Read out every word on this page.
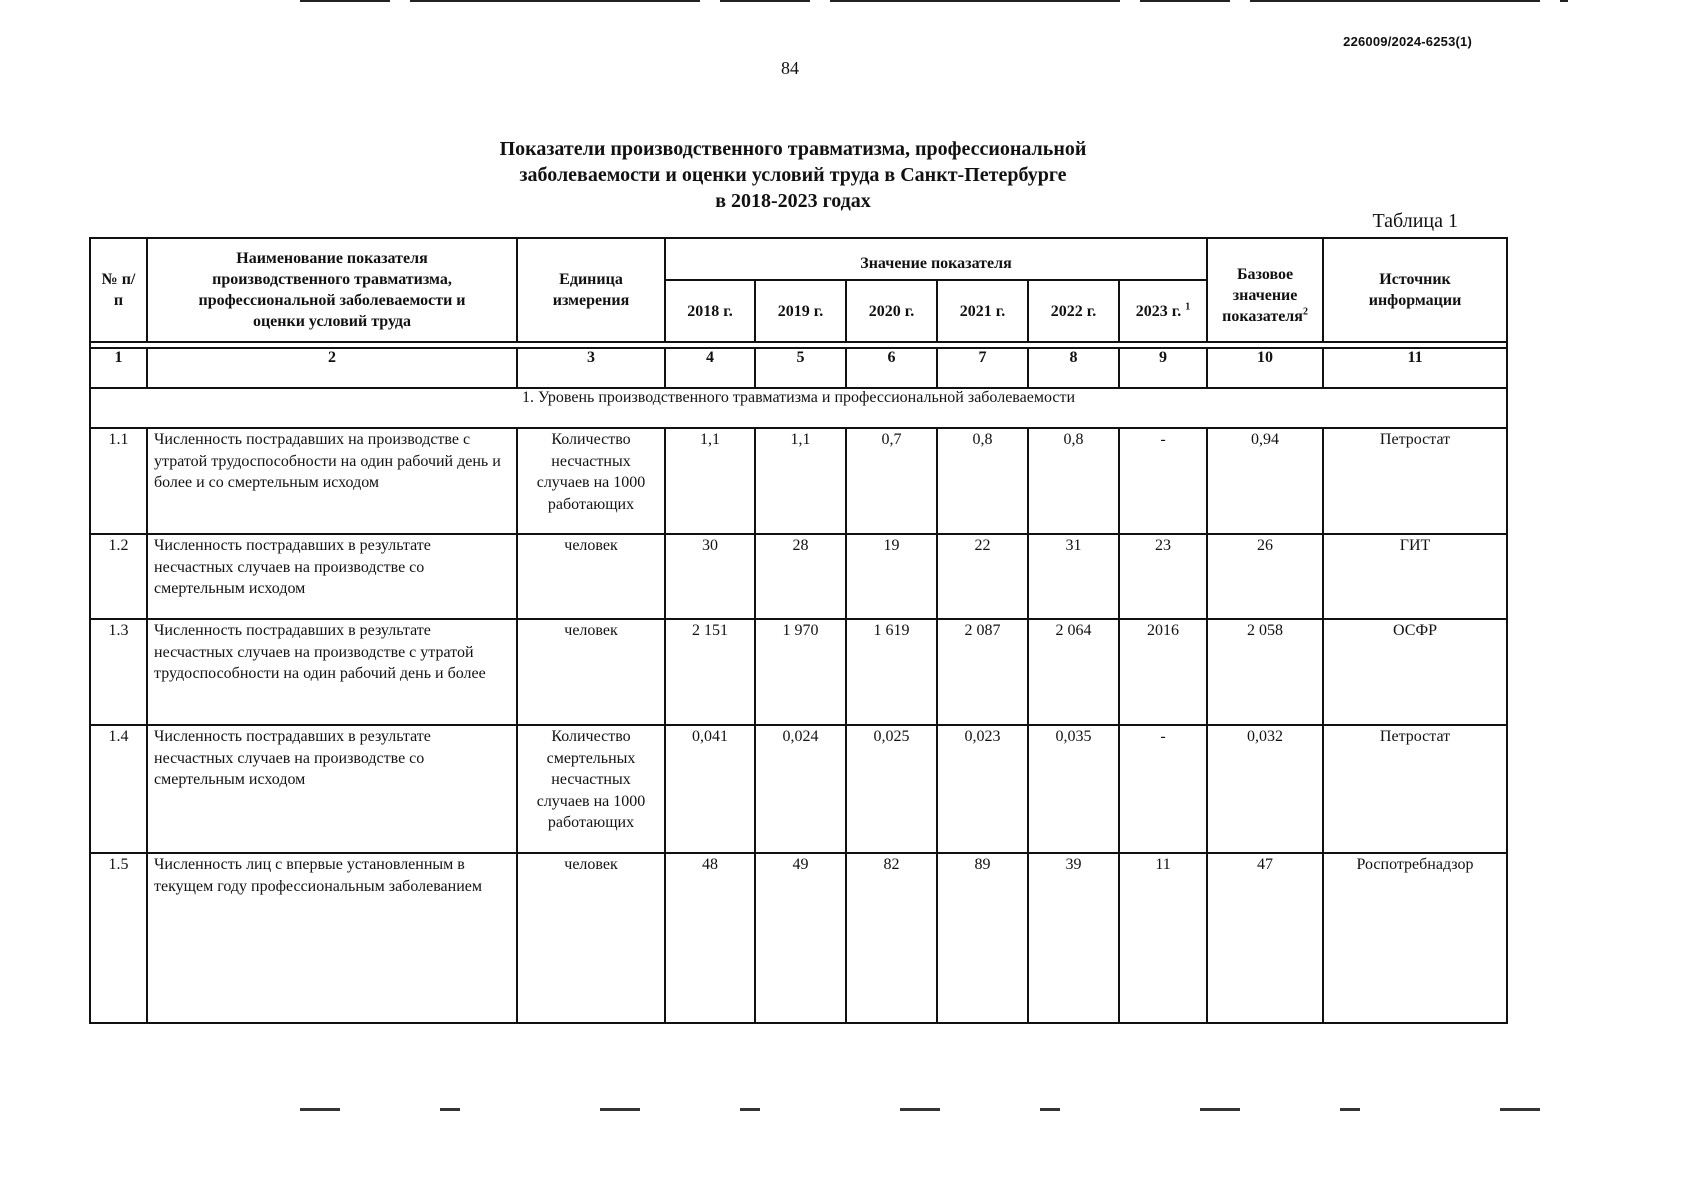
226009/2024-6253(1)
84
Показатели производственного травматизма, профессиональной
заболеваемости и оценки условий труда в Санкт-Петербурге
в 2018-2023 годах
Таблица 1
№ п/п	Наименование показателя производственного травматизма, профессиональной заболеваемости и оценки условий труда	Единица измерения	Значение показателя						Базовое значение показателя$^2$	Источник информации
			2018 г.	2019 г.	2020 г.	2021 г.	2022 г.	2023 г. $^1$

1	2	3	4	5	6	7	8	9	10	11
1. Уровень производственного травматизма и профессиональной заболеваемости										
1.1	Численность пострадавших на производстве с утратой трудоспособности на один рабочий день и более и со смертельным исходом	Количество несчастных случаев на 1000 работающих	1,1	1,1	0,7	0,8	0,8	-	0,94	Петростат
1.2	Численность пострадавших в результате несчастных случаев на производстве со смертельным исходом	человек	30	28	19	22	31	23	26	ГИТ
1.3	Численность пострадавших в результате несчастных случаев на производстве с утратой трудоспособности на один рабочий день и более	человек	2 151	1 970	1 619	2 087	2 064	2016	2 058	ОСФР
1.4	Численность пострадавших в результате несчастных случаев на производстве со смертельным исходом	Количество смертельных несчастных случаев на 1000 работающих	0,041	0,024	0,025	0,023	0,035	-	0,032	Петростат
1.5	Численность лиц с впервые установленным в текущем году профессиональным заболеванием	человек	48	49	82	89	39	11	47	Роспотребнадзор
